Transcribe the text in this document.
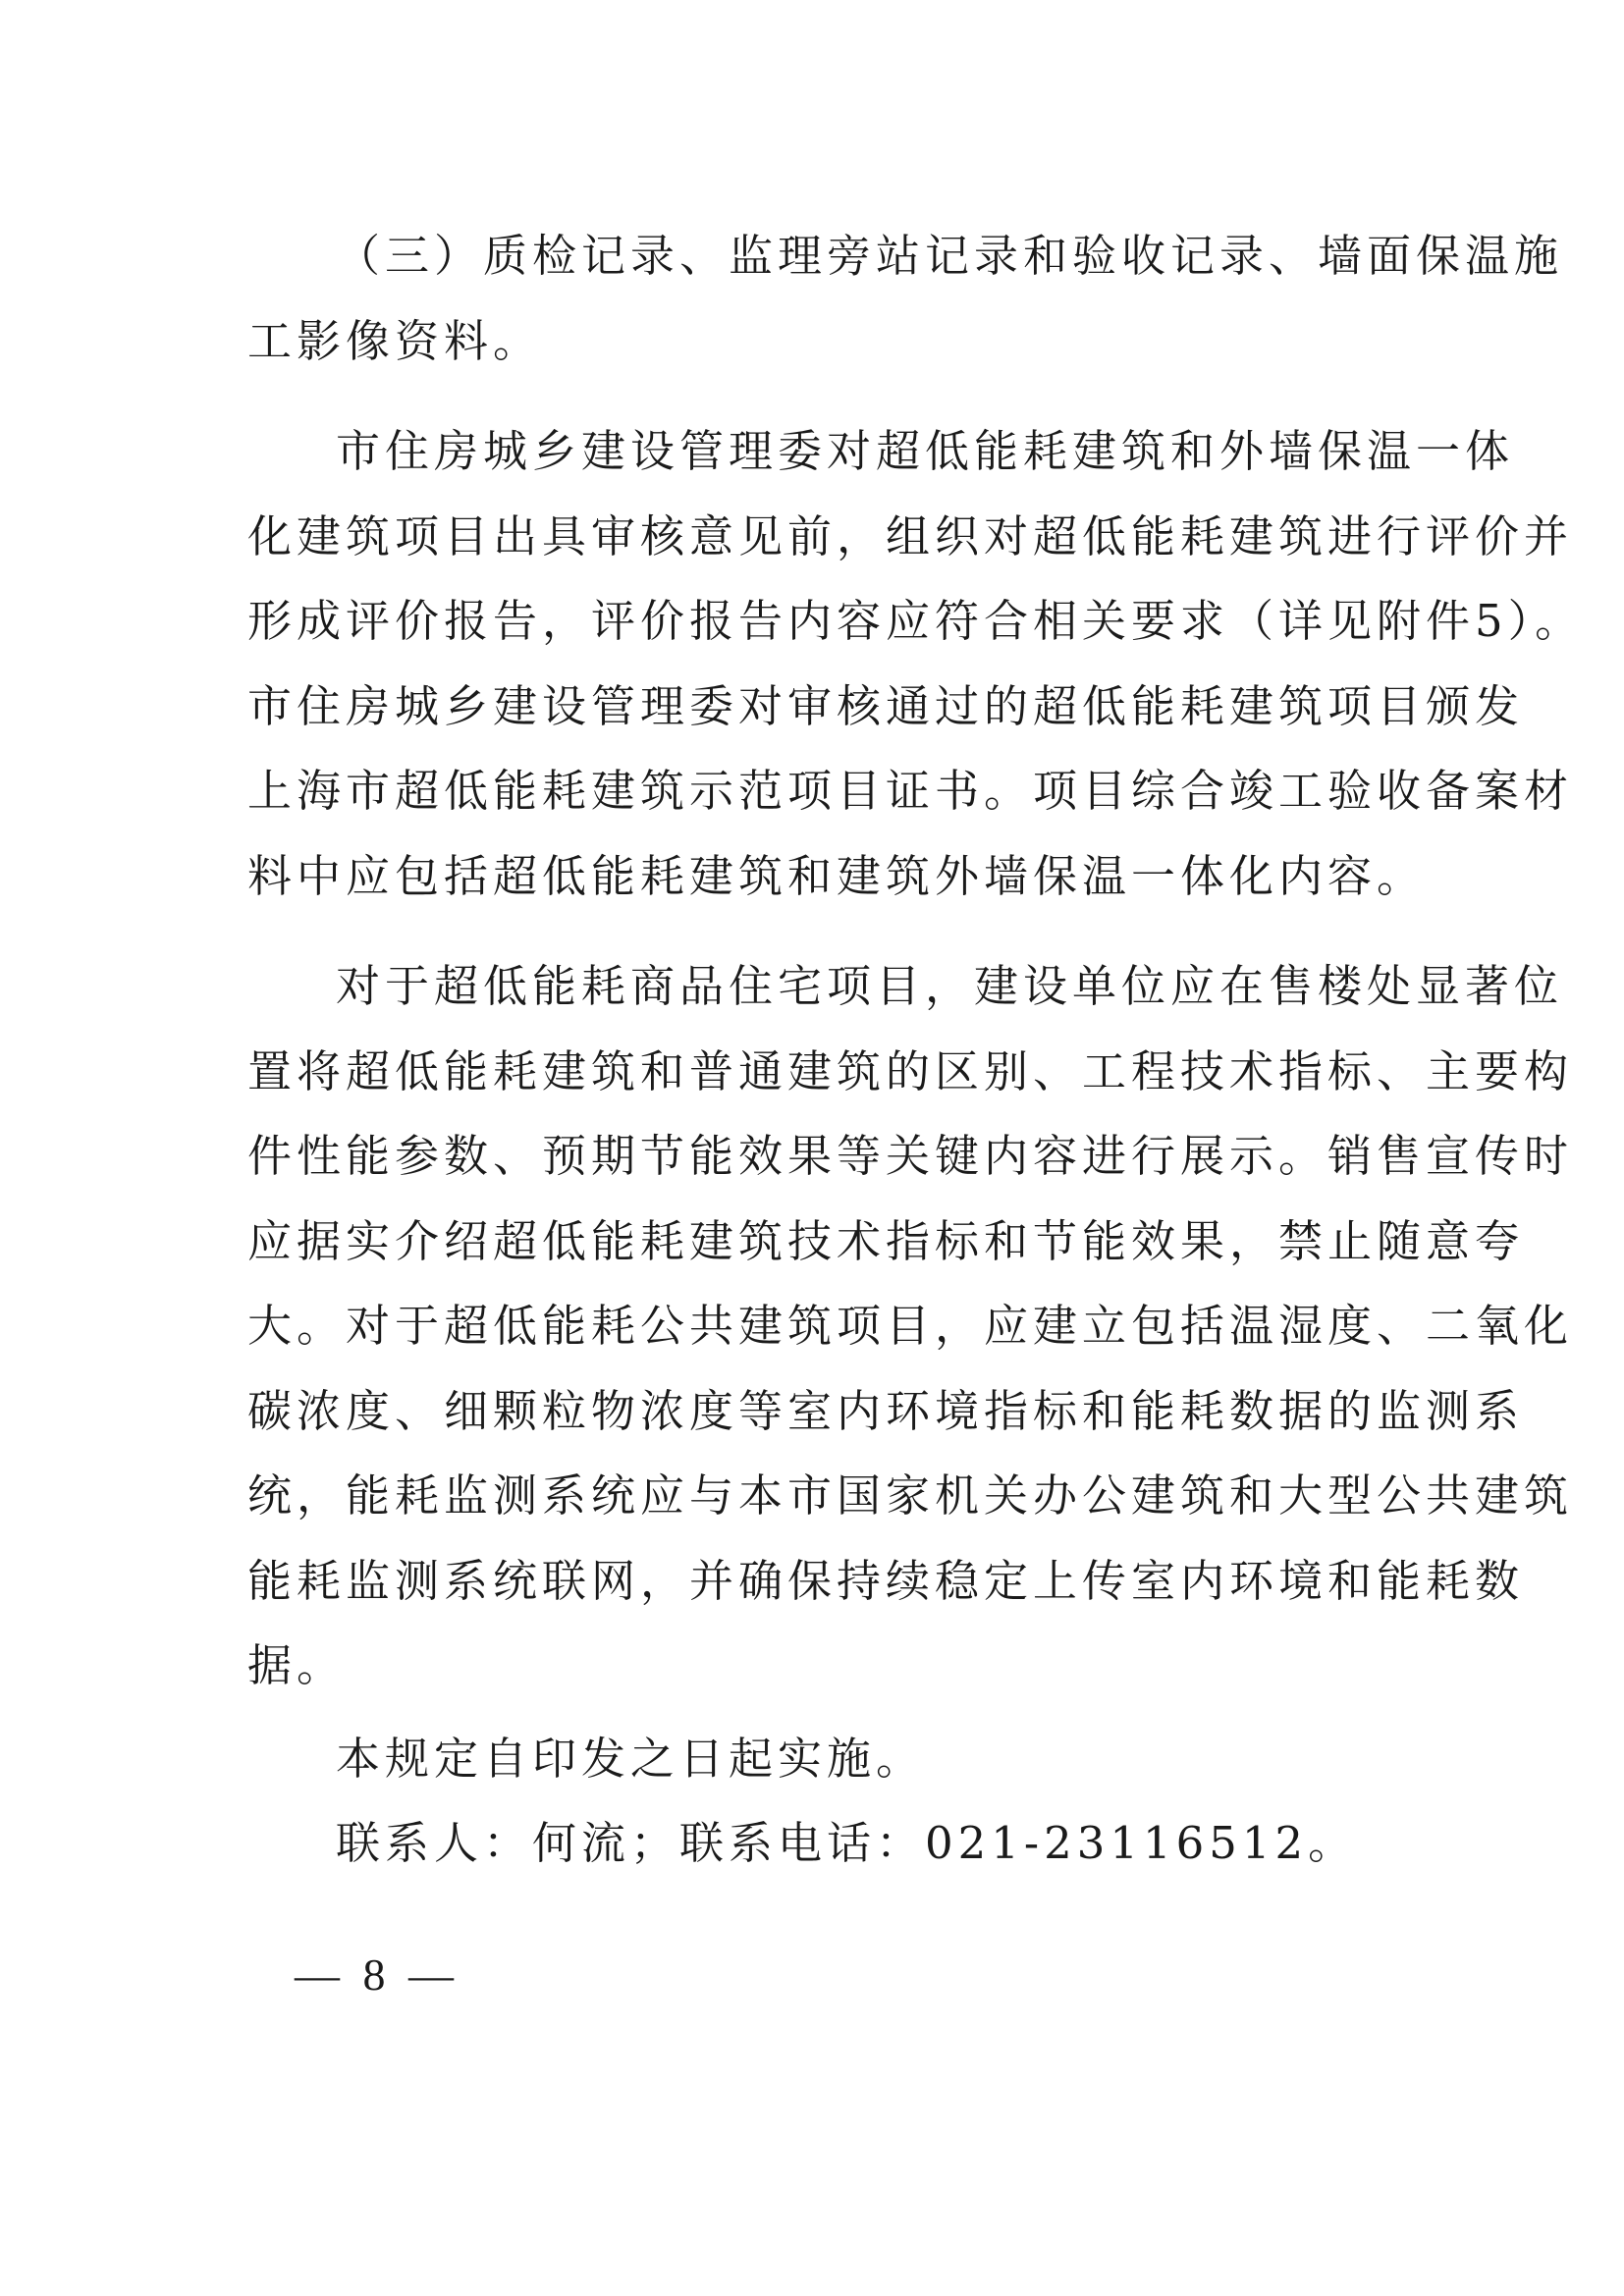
（三）质检记录、监理旁站记录和验收记录、墙面保温施
工影像资料。
市住房城乡建设管理委对超低能耗建筑和外墙保温一体
化建筑项目出具审核意见前，组织对超低能耗建筑进行评价并
形成评价报告，评价报告内容应符合相关要求（详见附件5）。
市住房城乡建设管理委对审核通过的超低能耗建筑项目颁发
上海市超低能耗建筑示范项目证书。项目综合竣工验收备案材
料中应包括超低能耗建筑和建筑外墙保温一体化内容。
对于超低能耗商品住宅项目，建设单位应在售楼处显著位
置将超低能耗建筑和普通建筑的区别、工程技术指标、主要构
件性能参数、预期节能效果等关键内容进行展示。销售宣传时
应据实介绍超低能耗建筑技术指标和节能效果，禁止随意夸
大。对于超低能耗公共建筑项目，应建立包括温湿度、二氧化
碳浓度、细颗粒物浓度等室内环境指标和能耗数据的监测系
统，能耗监测系统应与本市国家机关办公建筑和大型公共建筑
能耗监测系统联网，并确保持续稳定上传室内环境和能耗数
据。
本规定自印发之日起实施。
联系人：何流；联系电话：021-23116512。
— 8 —
